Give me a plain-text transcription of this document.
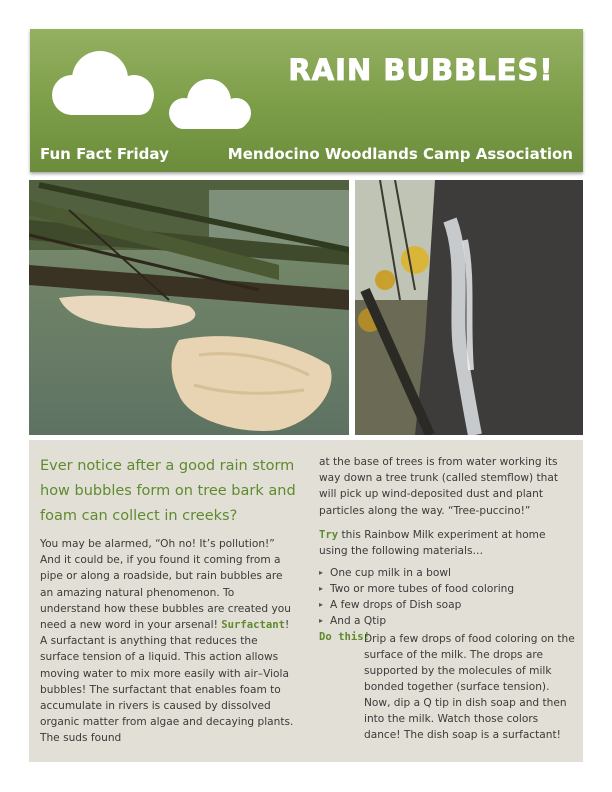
RAIN BUBBLES!
Fun Fact Friday	Mendocino Woodlands Camp Association

Ever notice after a good rain storm how bubbles form on tree bark and foam can collect in creeks?

You may be alarmed, “Oh no! It’s pollution!” And it could be, if you found it coming from a pipe or along a roadside, but rain bubbles are an amazing natural phenomenon. To understand how these bubbles are created you need a new word in your arsenal! Surfactant! A surfactant is anything that reduces the surface tension of a liquid. This action allows moving water to mix more easily with air–Viola bubbles! The surfactant that enables foam to accumulate in rivers is caused by dissolved organic matter from algae and decaying plants. The suds found

at the base of trees is from water working its way down a tree trunk (called stemflow) that will pick up wind-deposited dust and plant particles along the way. “Tree-puccino!”

Try this Rainbow Milk experiment at home using the following materials…

▸ One cup milk in a bowl
▸ Two or more tubes of food coloring
▸ A few drops of Dish soap
▸ And a Qtip
Do this!
Drip a few drops of food coloring on the surface of the milk. The drops are supported by the molecules of milk bonded together (surface tension). Now, dip a Q tip in dish soap and then into the milk. Watch those colors dance! The dish soap is a surfactant!
